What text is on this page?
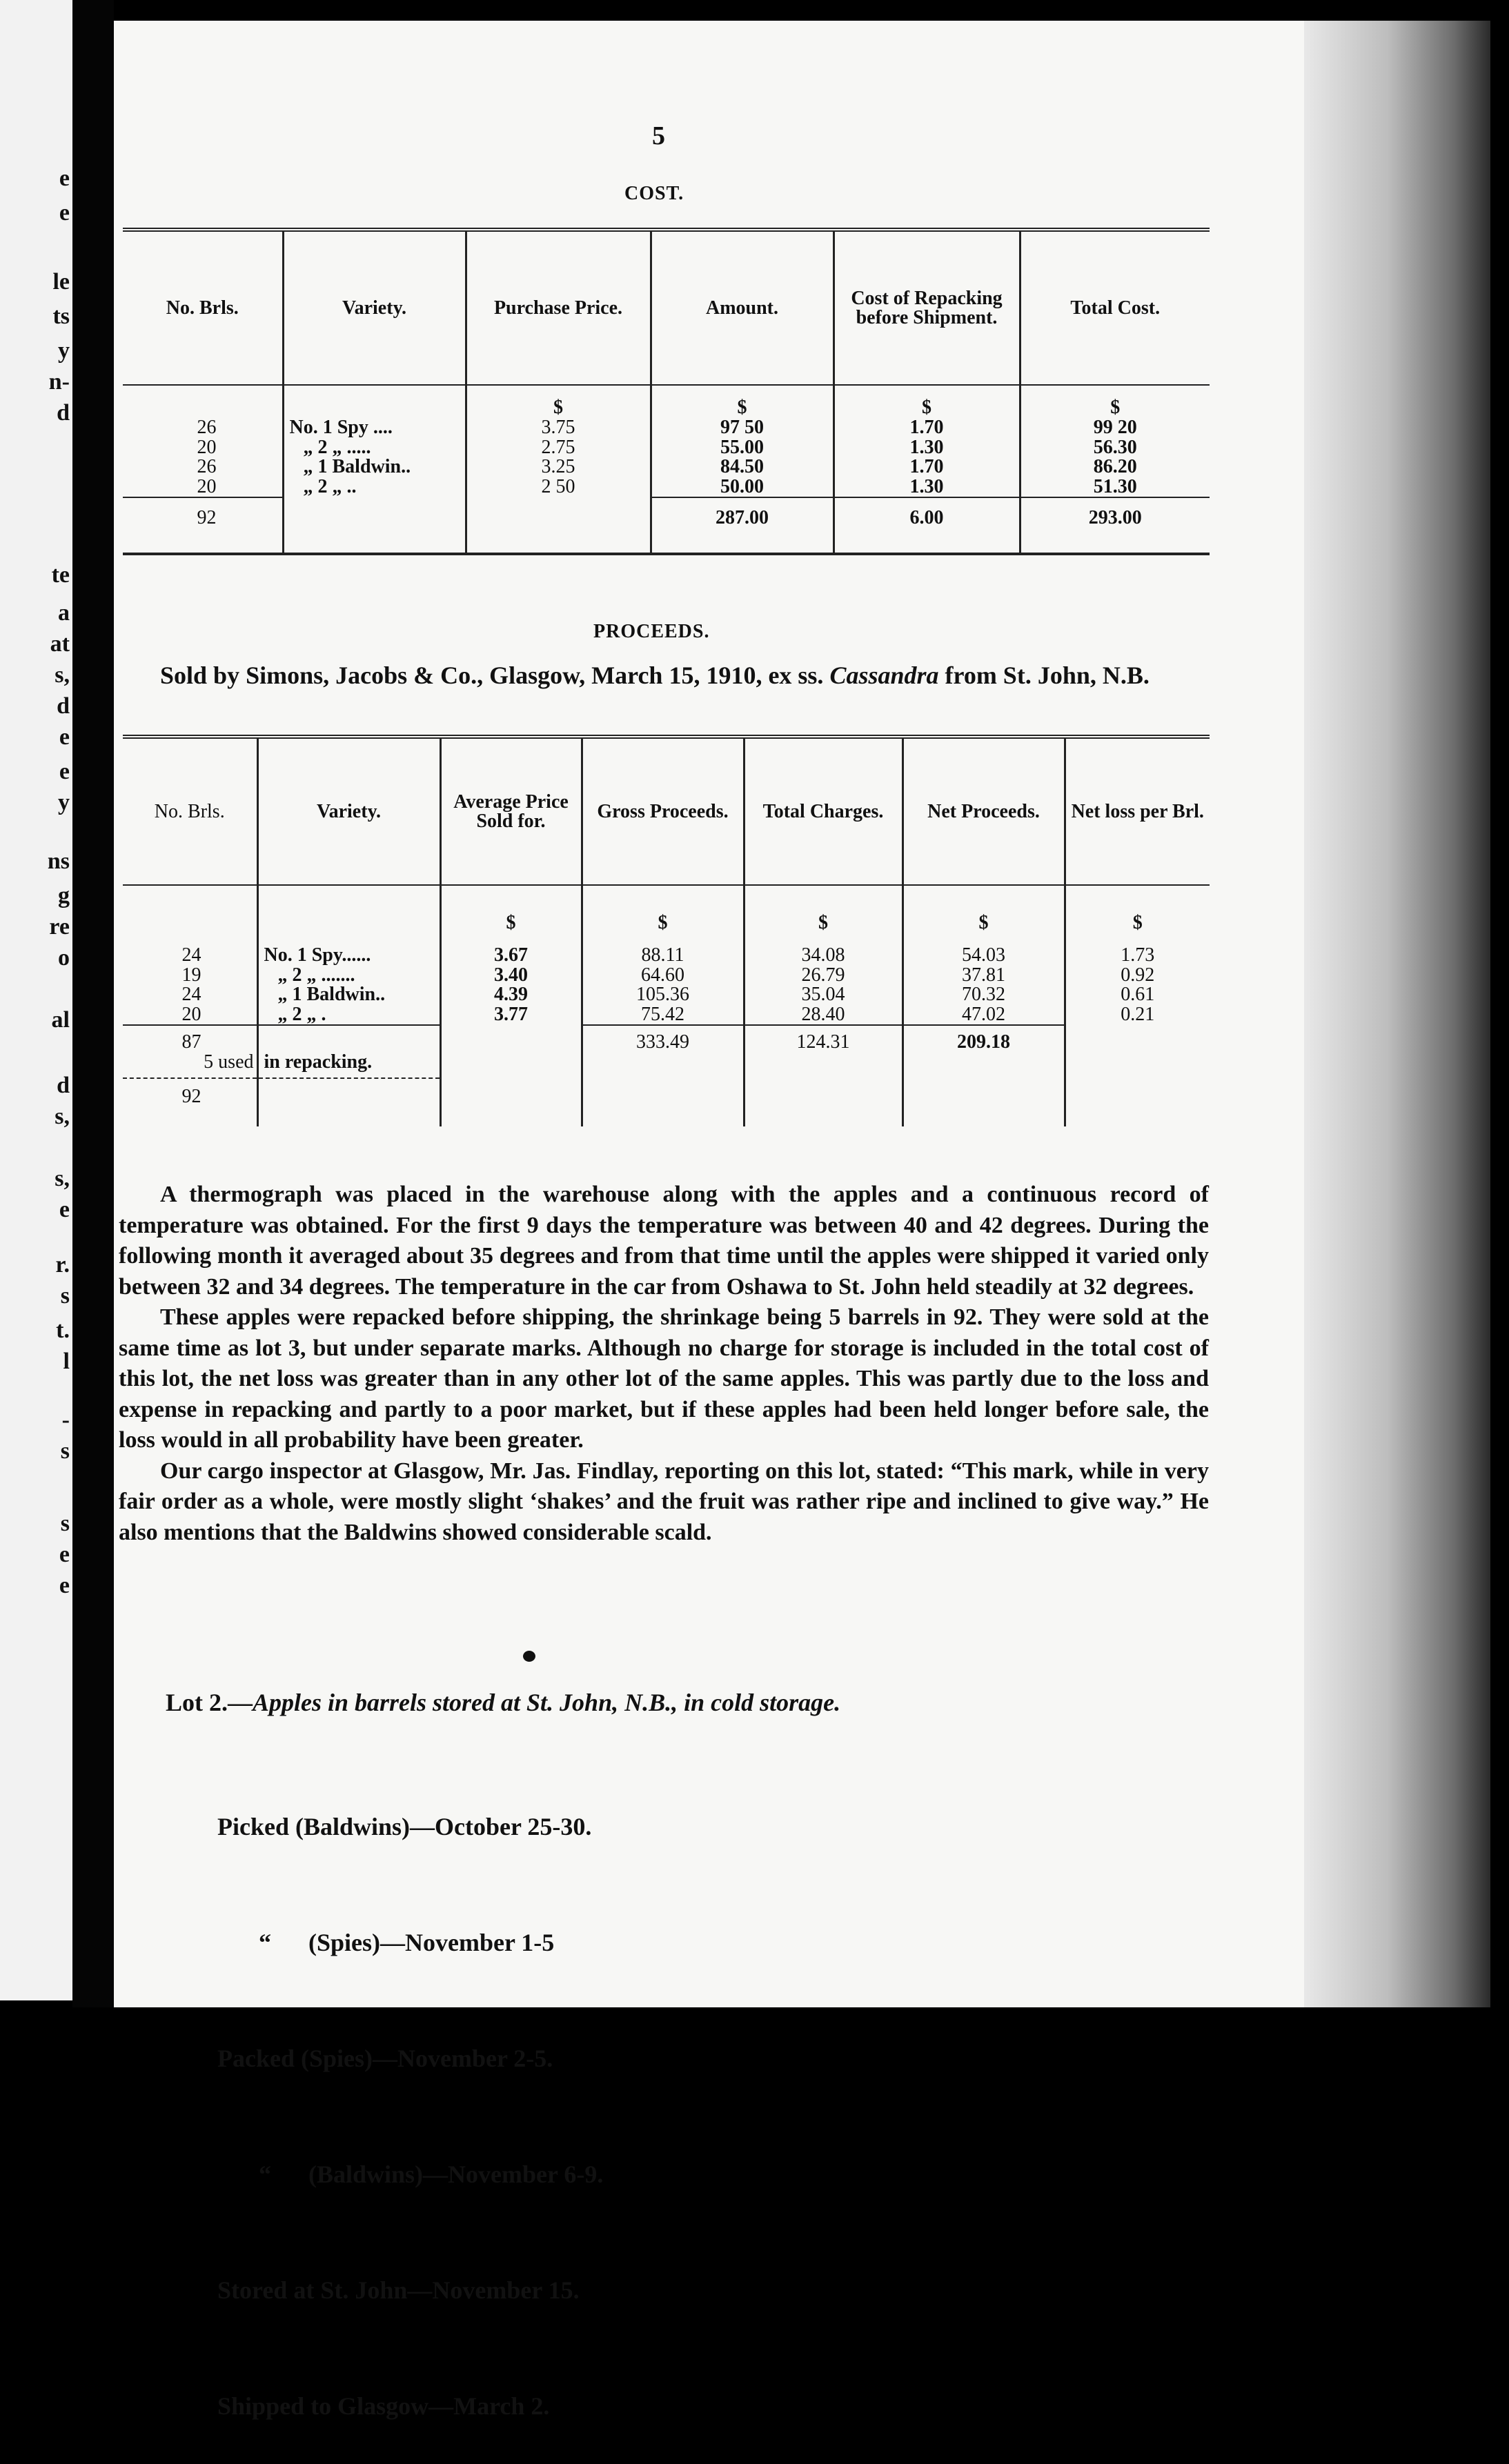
e
e
le
ts
y
n-
d
te
a
at
s,
d
e
e
y
ns
g
re
o
al
d
s,
s,
e
r.
s
t.
l
-
s
s
e
e
5
COST.
No. Brls.	Variety.	Purchase Price.	Amount.	Cost of Repacking before Shipment.	Total Cost.
		$	$	$	$
26	No. 1 Spy ....	3.75	97 50	1.70	99 20
20	„ 2 „ .....	2.75	55.00	1.30	56.30
26	„ 1 Baldwin..	3.25	84.50	1.70	86.20
20	„ 2 „ ..	2 50	50.00	1.30	51.30
92			287.00	6.00	293.00

PROCEEDS.

Sold by Simons, Jacobs & Co., Glasgow, March 15, 1910, ex ss. Cassandra from St. John, N.B.

No. Brls.	Variety.	Average Price Sold for.	Gross Proceeds.	Total Charges.	Net Proceeds.	Net loss per Brl.
		$	$	$	$	$
24	No. 1 Spy......	3.67	88.11	34.08	54.03	1.73
19	„ 2 „ .......	3.40	64.60	26.79	37.81	0.92
24	„ 1 Baldwin..	4.39	105.36	35.04	70.32	0.61
20	„ 2 „ .	3.77	75.42	28.40	47.02	0.21
87			333.49	124.31	209.18	
5 used	in repacking.					
92						

A thermograph was placed in the warehouse along with the apples and a continuous record of temperature was obtained. For the first 9 days the temperature was between 40 and 42 degrees. During the following month it averaged about 35 degrees and from that time until the apples were shipped it varied only between 32 and 34 degrees. The temperature in the car from Oshawa to St. John held steadily at 32 degrees.

These apples were repacked before shipping, the shrinkage being 5 barrels in 92. They were sold at the same time as lot 3, but under separate marks. Although no charge for storage is included in the total cost of this lot, the net loss was greater than in any other lot of the same apples. This was partly due to the loss and expense in repacking and partly to a poor market, but if these apples had been held longer before sale, the loss would in all probability have been greater.

Our cargo inspector at Glasgow, Mr. Jas. Findlay, reporting on this lot, stated: “This mark, while in very fair order as a whole, were mostly slight ‘shakes’ and the fruit was rather ripe and inclined to give way.” He also mentions that the Baldwins showed considerable scald.

Lot 2.—Apples in barrels stored at St. John, N.B., in cold storage.

Picked (Baldwins)—October 25-30.

“      (Spies)—November 1-5

Packed (Spies)—November 2-5.

“      (Baldwins)—November 6-9.

Stored at St. John—November 15.

Shipped to Glasgow—March 2.
